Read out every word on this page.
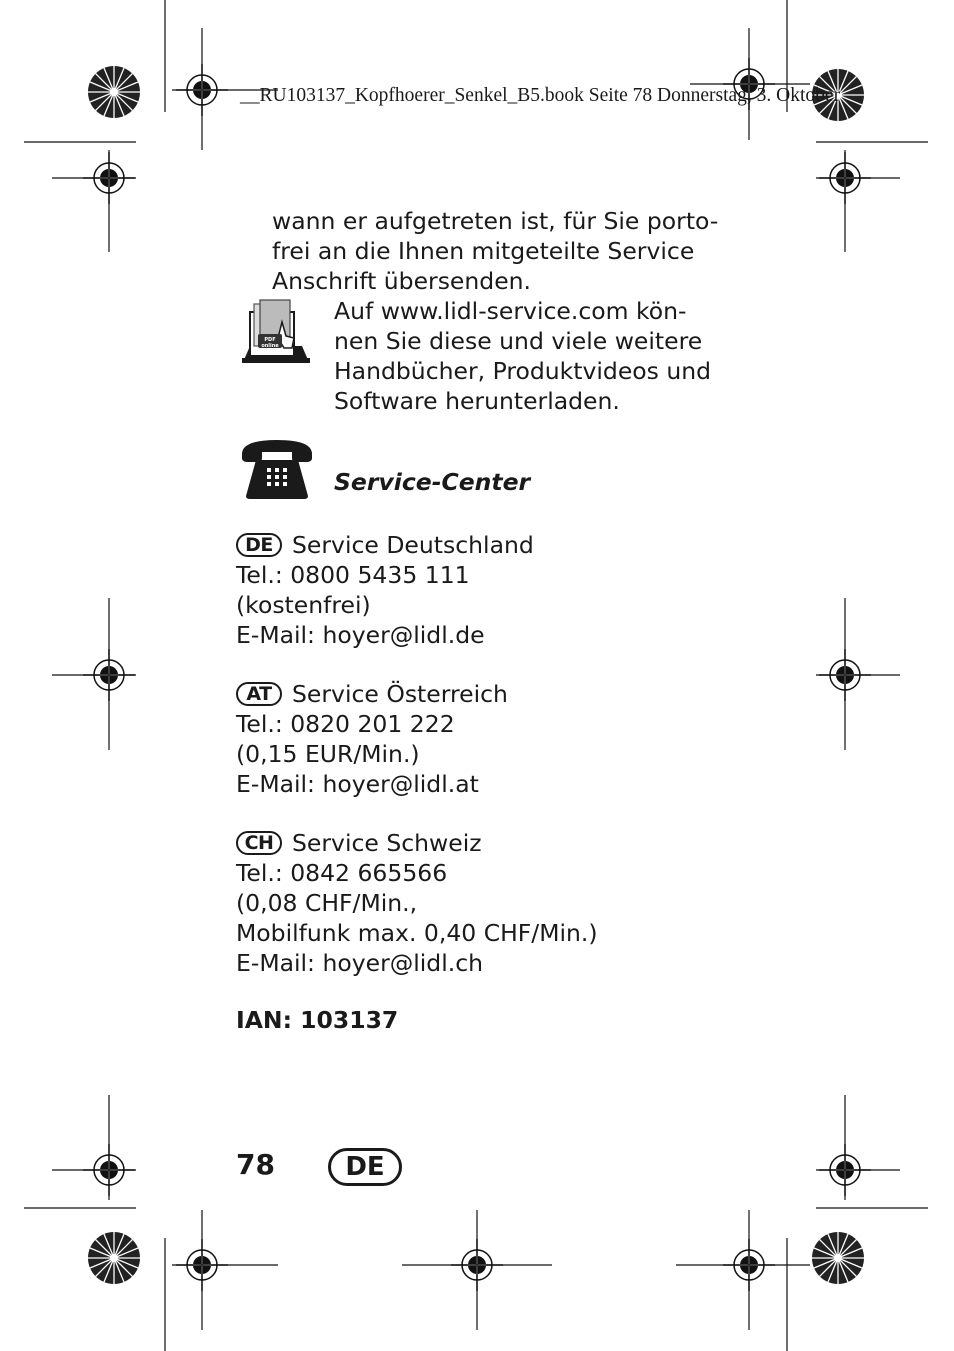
__RU103137_Kopfhoerer_Senkel_B5.book Seite 78 Donnerstag, 3. Oktober
wann er aufgetreten ist, für Sie porto-
frei an die Ihnen mitgeteilte Service
Anschrift übersenden.
PDF
online
Auf www.lidl-service.com kön-
nen Sie diese und viele weitere
Handbücher, Produktvideos und
Software herunterladen.
Service-Center
DE Service Deutschland
Tel.: 0800 5435 111
(kostenfrei)
E-Mail: hoyer@lidl.de
AT Service Österreich
Tel.: 0820 201 222
(0,15 EUR/Min.)
E-Mail: hoyer@lidl.at
CH Service Schweiz
Tel.: 0842 665566
(0,08 CHF/Min.,
Mobilfunk max. 0,40 CHF/Min.)
E-Mail: hoyer@lidl.ch
IAN: 103137
78	DE
